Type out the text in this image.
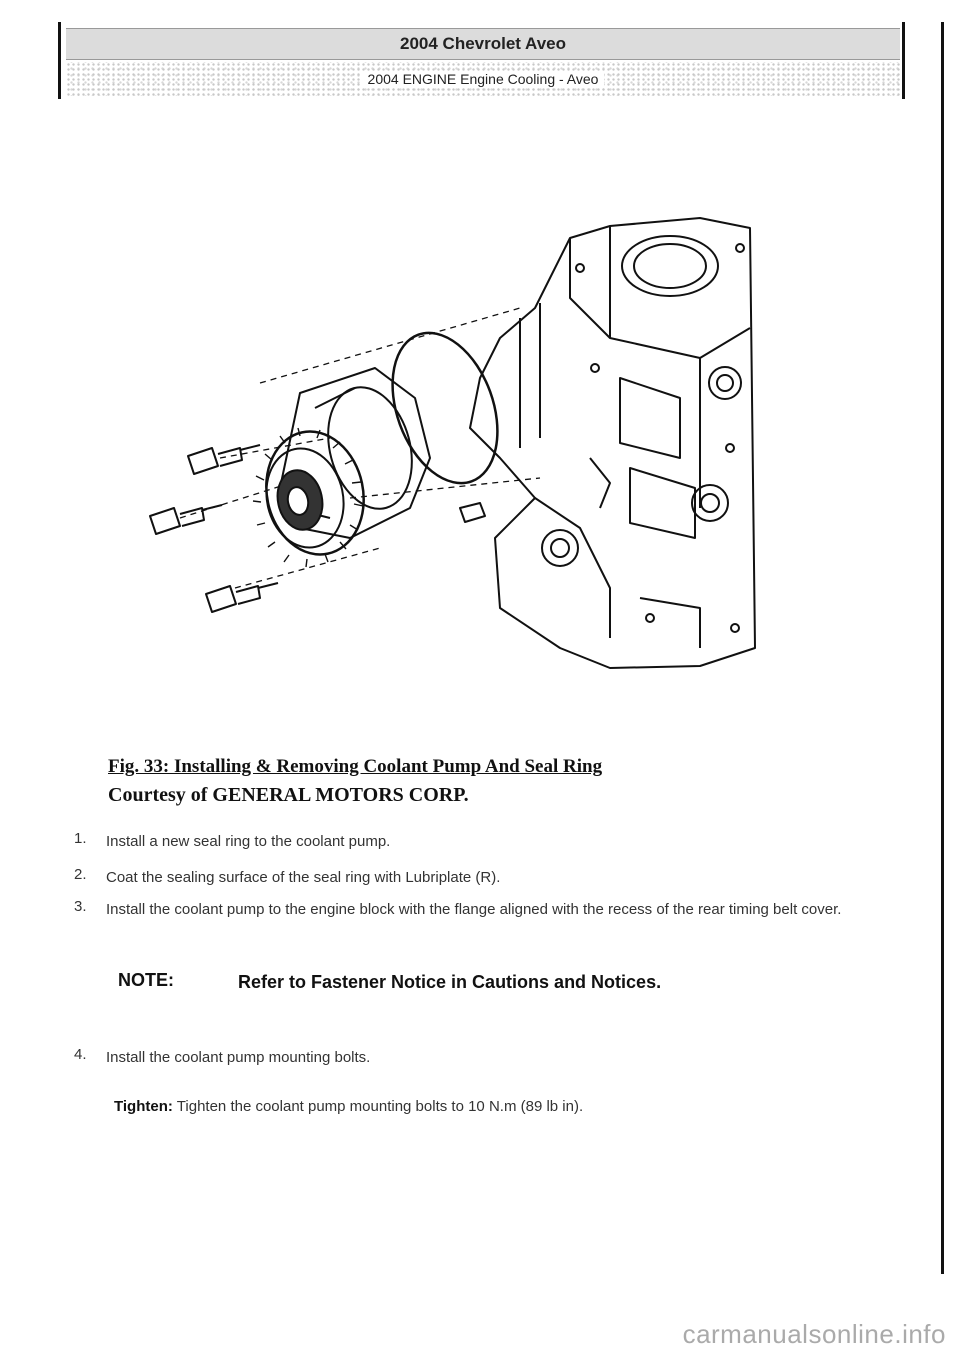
2004 Chevrolet Aveo
2004 ENGINE Engine Cooling - Aveo
Fig. 33: Installing & Removing Coolant Pump And Seal Ring
Courtesy of GENERAL MOTORS CORP.
1.	Install a new seal ring to the coolant pump.
2.	Coat the sealing surface of the seal ring with Lubriplate (R).
3.	Install the coolant pump to the engine block with the flange aligned with the recess of the rear timing belt cover.
NOTE:	Refer to Fastener Notice in Cautions and Notices.
4.	Install the coolant pump mounting bolts.
Tighten: Tighten the coolant pump mounting bolts to 10 N.m (89 lb in).
carmanualsonline.info
